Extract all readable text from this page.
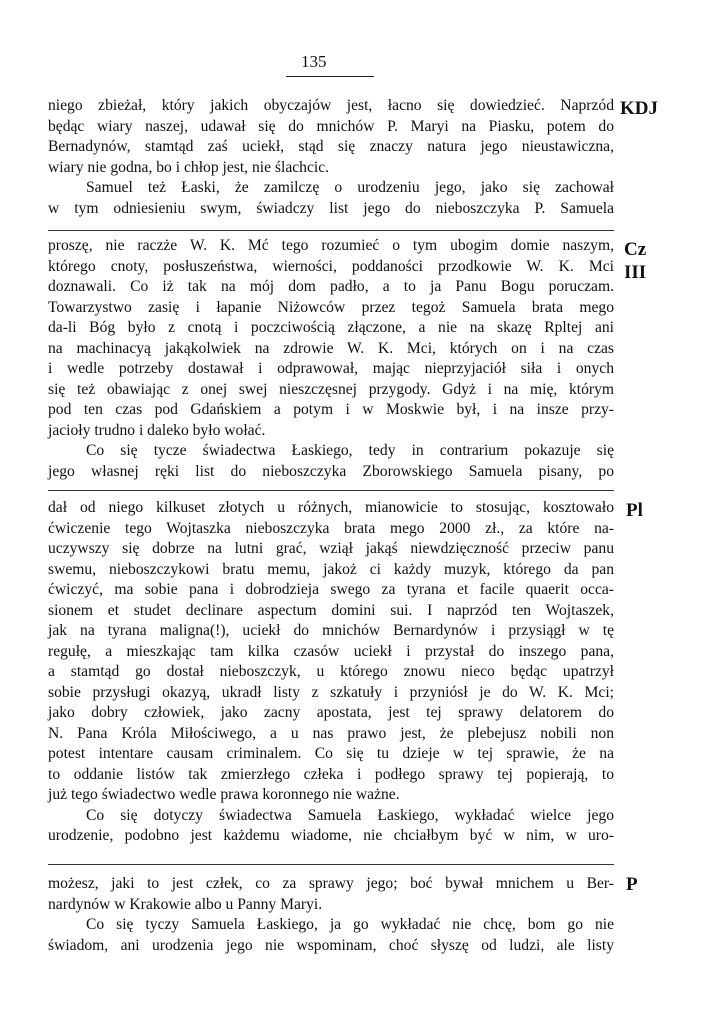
135
niego zbieżał, który jakich obyczajów jest, łacno się dowiedzieć. Naprzód
będąc wiary naszej, udawał się do mnichów P. Maryi na Piasku, potem do
Bernadynów, stamtąd zaś uciekł, stąd się znaczy natura jego nieustawiczna,
wiary nie godna, bo i chłop jest, nie ślachcic.
Samuel też Łaski, że zamilczę o urodzeniu jego, jako się zachował
w tym odniesieniu swym, świadczy list jego do nieboszczyka P. Samuela
KDJ
proszę, nie raczże W. K. Mć tego rozumieć o tym ubogim domie naszym,
którego cnoty, posłuszeństwa, wierności, poddaności przodkowie W. K. Mci
doznawali. Co iż tak na mój dom padło, a to ja Panu Bogu poruczam.
Towarzystwo zasię i łapanie Niżowców przez tegoż Samuela brata mego
da-li Bóg było z cnotą i poczciwością złączone, a nie na skazę Rpltej ani
na machinacyą jakąkolwiek na zdrowie W. K. Mci, których on i na czas
i wedle potrzeby dostawał i odprawował, mając nieprzyjaciół siła i onych
się też obawiając z onej swej nieszczęsnej przygody. Gdyż i na mię, którym
pod ten czas pod Gdańskiem a potym i w Moskwie był, i na insze przy-
jacioły trudno i daleko było wołać.
Co się tycze świadectwa Łaskiego, tedy in contrarium pokazuje się
jego własnej ręki list do nieboszczyka Zborowskiego Samuela pisany, po
Cz III
dał od niego kilkuset złotych u różnych, mianowicie to stosując, kosztowało
ćwiczenie tego Wojtaszka nieboszczyka brata mego 2000 zł., za które na-
uczywszy się dobrze na lutni grać, wziął jakąś niewdzięczność przeciw panu
swemu, nieboszczykowi bratu memu, jakoż ci każdy muzyk, którego da pan
ćwiczyć, ma sobie pana i dobrodzieja swego za tyrana et facile quaerit occa-
sionem et studet declinare aspectum domini sui. I naprzód ten Wojtaszek,
jak na tyrana maligna(!), uciekł do mnichów Bernardynów i przysiągł w tę
regułę, a mieszkając tam kilka czasów uciekł i przystał do inszego pana,
a stamtąd go dostał nieboszczyk, u którego znowu nieco będąc upatrzył
sobie przysługi okazyą, ukradł listy z szkatuły i przyniósł je do W. K. Mci;
jako dobry człowiek, jako zacny apostata, jest tej sprawy delatorem do
N. Pana Króla Miłościwego, a u nas prawo jest, że plebejusz nobili non
potest intentare causam criminalem. Co się tu dzieje w tej sprawie, że na
to oddanie listów tak zmierzłego człeka i podłego sprawy tej popierają, to
już tego świadectwo wedle prawa koronnego nie ważne.
Co się dotyczy świadectwa Samuela Łaskiego, wykładać wielce jego
urodzenie, podobno jest każdemu wiadome, nie chciałbym być w nim, w uro-
Pl
możesz, jaki to jest człek, co za sprawy jego; boć bywał mnichem u Ber-
nardynów w Krakowie albo u Panny Maryi.
Co się tyczy Samuela Łaskiego, ja go wykładać nie chcę, bom go nie
świadom, ani urodzenia jego nie wspominam, choć słyszę od ludzi, ale listy
P
